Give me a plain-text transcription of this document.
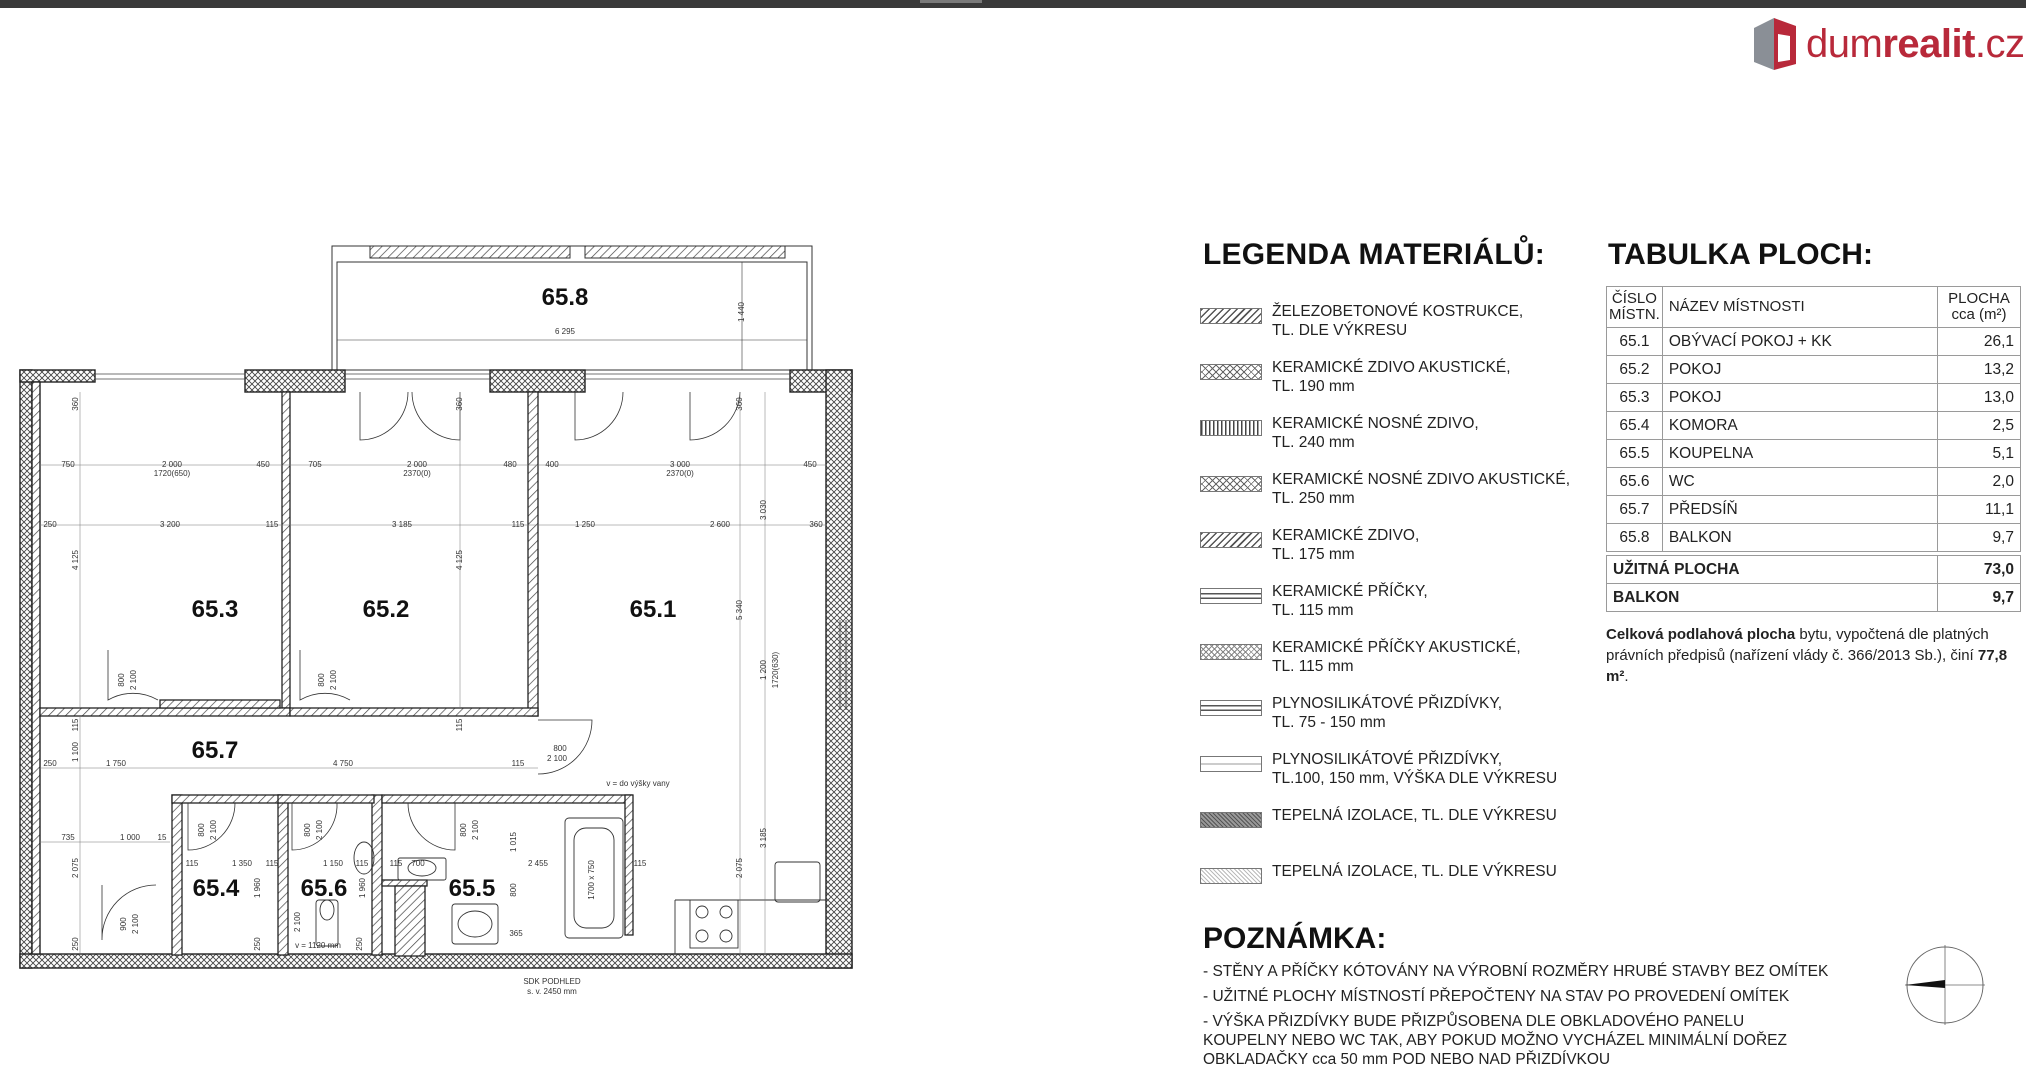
dumrealit.cz
65.8
65.3	65.2	65.1
65.7
65.4	65.6	65.5
6 295
1 440
360	360	360
750	2 000
1720(650)
450	705	2 000
2370(0)
480	400	3 000
2370(0)
450
250	3 200	115	3 185	115	1 250	2 600	360
4 125	4 125
3 030
5 340
800 2 100	800 2 100	1 200 1720(630)
115	115
1 100
250	1 750	4 750	115
800
2 100
v = do výšky vany
735	1 000 15
2 075	115	1 350 115
1 960
1 150 115
1 960
115 700
1 015
2 455	115	2 075
3 185
800 2 100	800 2 100	800 2 100
800
900 2 100
250	250	250
2 100
365
1700 x 750
v = 1120 mm
SDK PODHLED
s. v. 2450 mm
LEGENDA MATERIÁLŮ:
ŽELEZOBETONOVÉ KOSTRUKCE,
TL. DLE VÝKRESU
KERAMICKÉ ZDIVO AKUSTICKÉ,
TL. 190 mm
KERAMICKÉ NOSNÉ ZDIVO,
TL. 240 mm
KERAMICKÉ NOSNÉ ZDIVO AKUSTICKÉ,
TL. 250 mm
KERAMICKÉ ZDIVO,
TL. 175 mm
KERAMICKÉ PŘÍČKY,
TL. 115 mm
KERAMICKÉ PŘÍČKY AKUSTICKÉ,
TL. 115 mm
PLYNOSILIKÁTOVÉ PŘIZDÍVKY,
TL. 75 - 150 mm
PLYNOSILIKÁTOVÉ PŘIZDÍVKY,
TL.100, 150 mm, VÝŠKA DLE VÝKRESU
TEPELNÁ IZOLACE, TL. DLE VÝKRESU
TEPELNÁ IZOLACE, TL. DLE VÝKRESU
TABULKA PLOCH:
ČÍSLO
MÍSTN.	NÁZEV MÍSTNOSTI	PLOCHA
cca (m²)
65.1	OBÝVACÍ POKOJ + KK	26,1
65.2	POKOJ	13,2
65.3	POKOJ	13,0
65.4	KOMORA	2,5
65.5	KOUPELNA	5,1
65.6	WC	2,0
65.7	PŘEDSÍŇ	11,1
65.8	BALKON	9,7

UŽITNÁ PLOCHA		73,0
BALKON		9,7
Celková podlahová plocha bytu, vypočtená dle platných právních předpisů (nařízení vlády č. 366/2013 Sb.), činí 77,8 m².
POZNÁMKA:
- STĚNY A PŘÍČKY KÓTOVÁNY NA VÝROBNÍ ROZMĚRY HRUBÉ STAVBY BEZ OMÍTEK
- UŽITNÉ PLOCHY MÍSTNOSTÍ PŘEPOČTENY NA STAV PO PROVEDENÍ OMÍTEK
- VÝŠKA PŘIZDÍVKY BUDE PŘIZPŮSOBENA DLE OBKLADOVÉHO PANELU
KOUPELNY NEBO WC TAK, ABY POKUD MOŽNO VYCHÁZEL MINIMÁLNÍ DOŘEZ
OBKLADAČKY cca 50 mm POD NEBO NAD PŘIZDÍVKOU
